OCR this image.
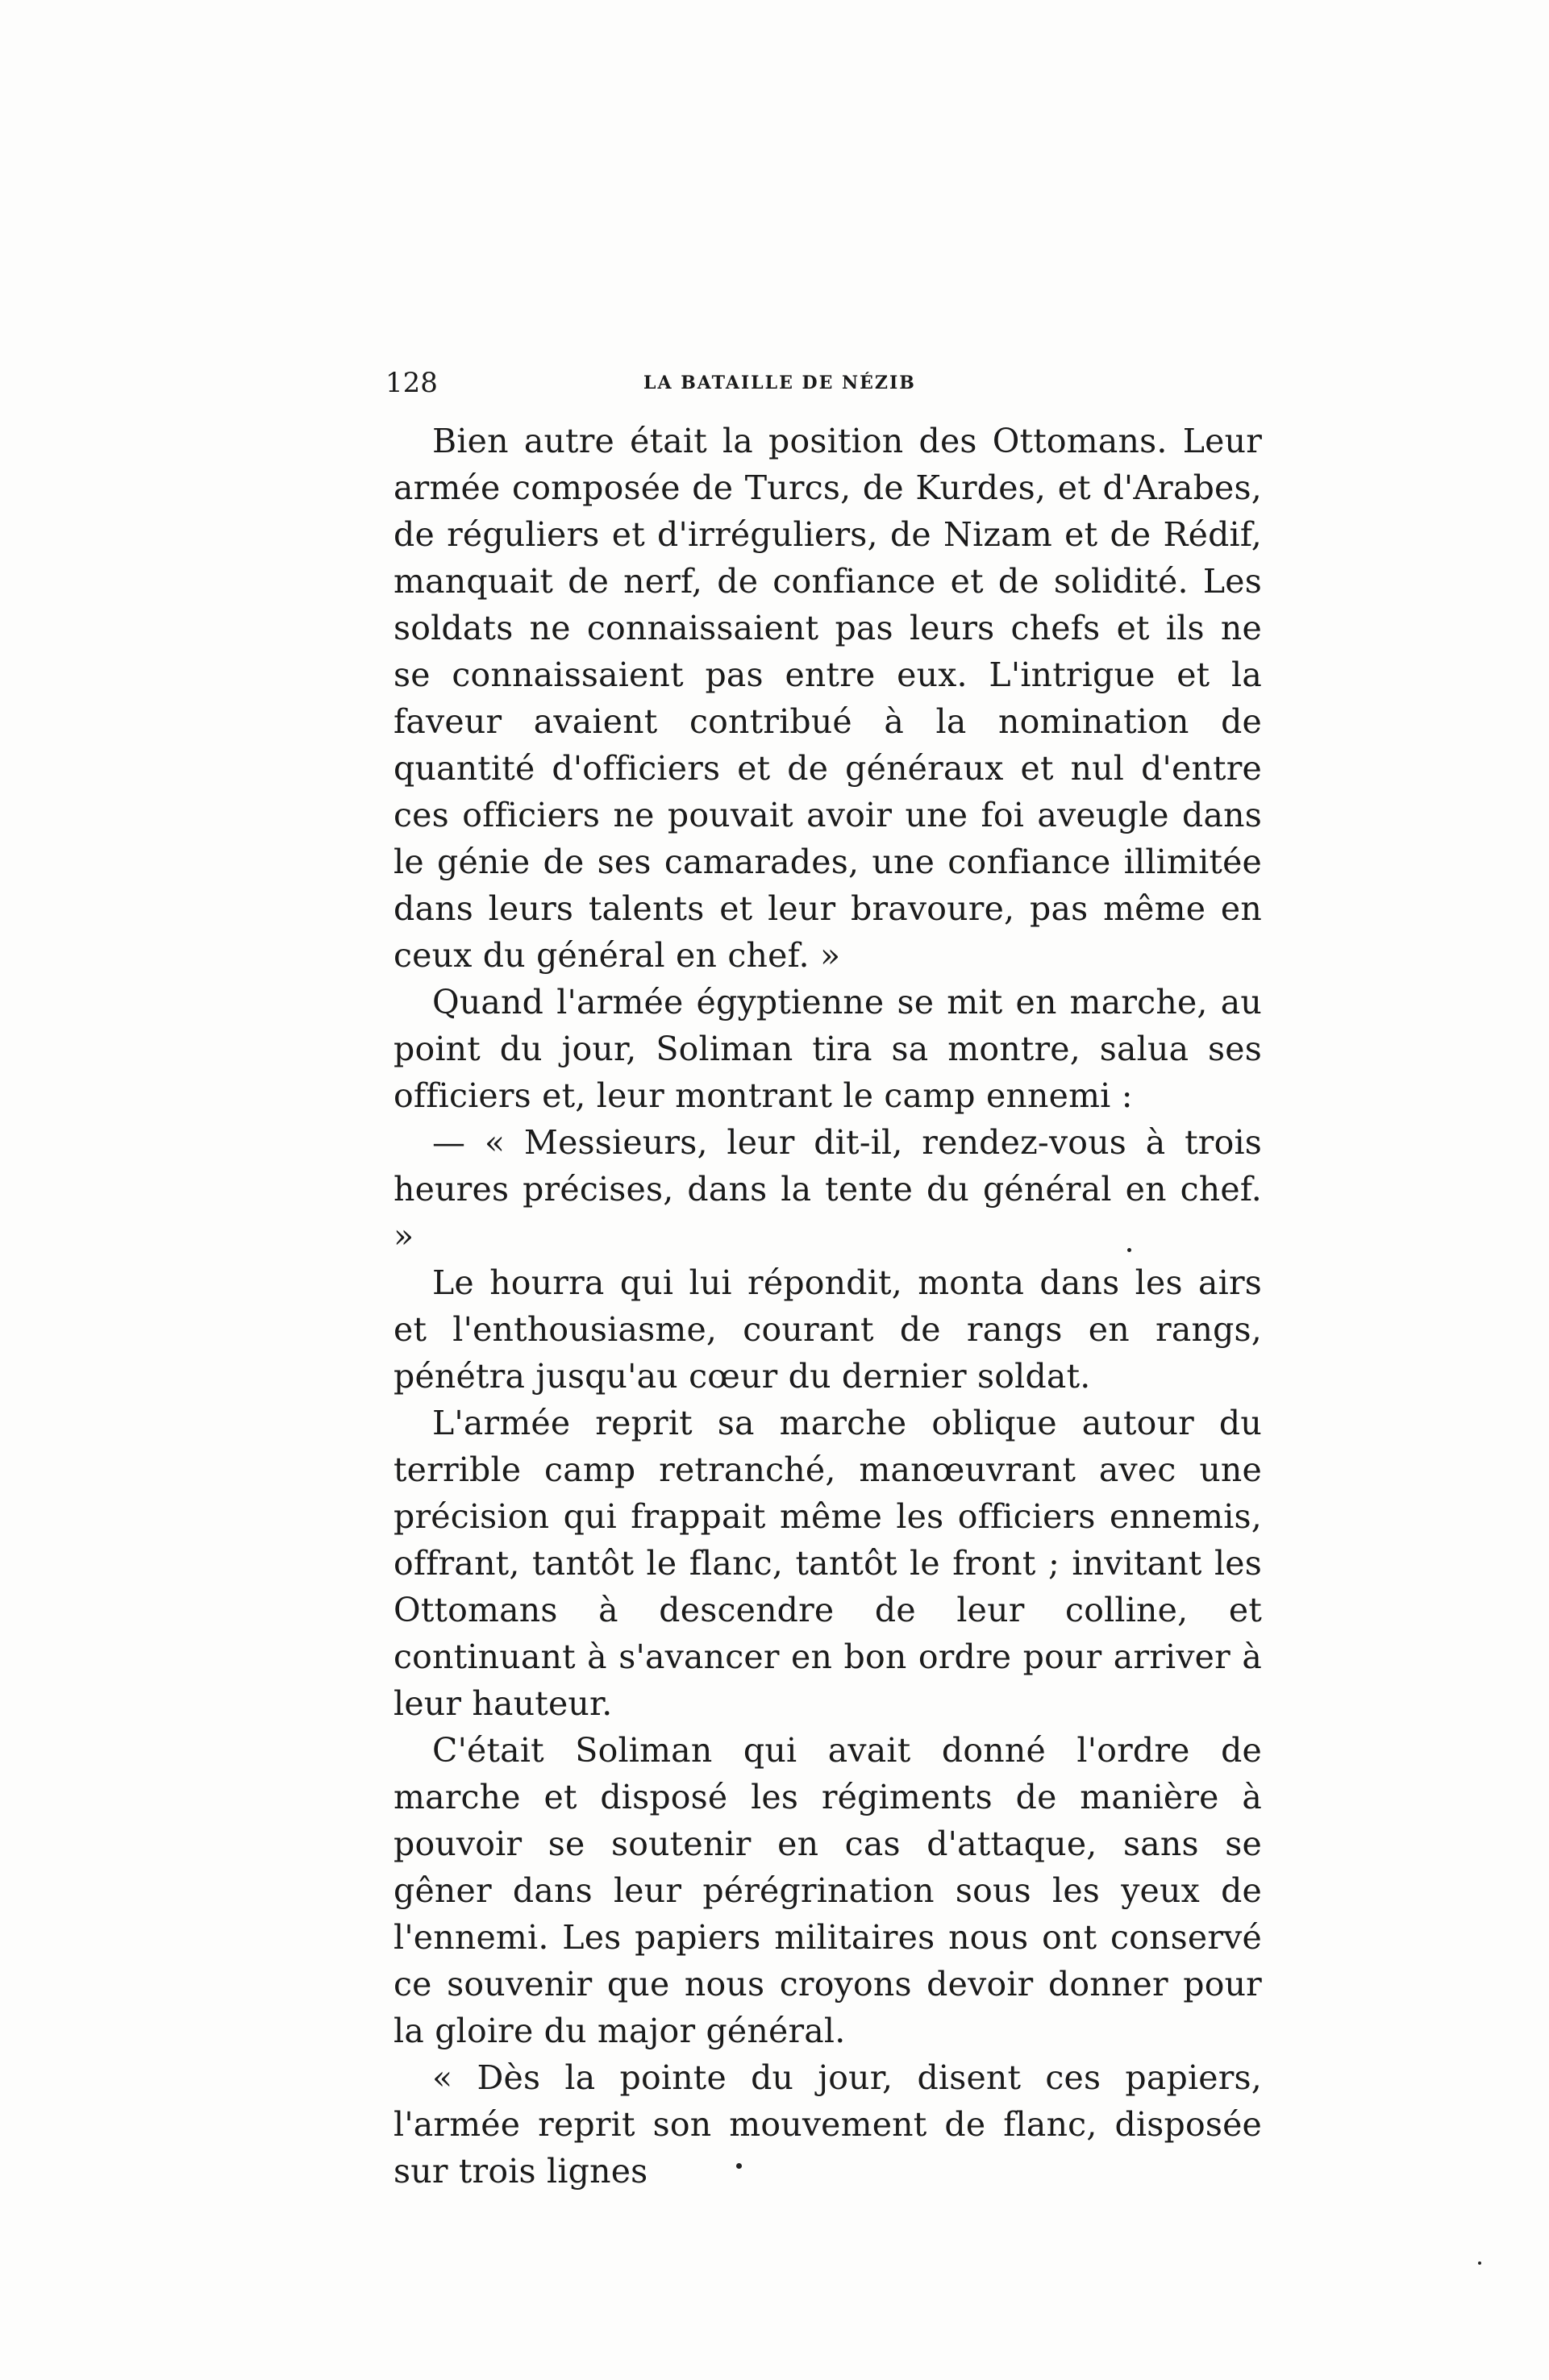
128	LA BATAILLE DE NÉZIB

Bien autre était la position des Ottomans. Leur armée composée de Turcs, de Kurdes, et d'Arabes, de réguliers et d'irréguliers, de Nizam et de Rédif, manquait de nerf, de confiance et de solidité. Les soldats ne connaissaient pas leurs chefs et ils ne se connaissaient pas entre eux. L'intrigue et la faveur avaient contribué à la nomination de quantité d'officiers et de généraux et nul d'entre ces officiers ne pouvait avoir une foi aveugle dans le génie de ses camarades, une confiance illimitée dans leurs talents et leur bravoure, pas même en ceux du général en chef. »

Quand l'armée égyptienne se mit en marche, au point du jour, Soliman tira sa montre, salua ses officiers et, leur montrant le camp ennemi :

— « Messieurs, leur dit-il, rendez-vous à trois heures précises, dans la tente du général en chef. »

Le hourra qui lui répondit, monta dans les airs et l'enthousiasme, courant de rangs en rangs, pénétra jusqu'au cœur du dernier soldat.

L'armée reprit sa marche oblique autour du terrible camp retranché, manœuvrant avec une précision qui frappait même les officiers ennemis, offrant, tantôt le flanc, tantôt le front ; invitant les Ottomans à descendre de leur colline, et continuant à s'avancer en bon ordre pour arriver à leur hauteur.

C'était Soliman qui avait donné l'ordre de marche et disposé les régiments de manière à pouvoir se soutenir en cas d'attaque, sans se gêner dans leur pérégrination sous les yeux de l'ennemi. Les papiers militaires nous ont conservé ce souvenir que nous croyons devoir donner pour la gloire du major général.

« Dès la pointe du jour, disent ces papiers, l'armée reprit son mouvement de flanc, disposée sur trois lignes
